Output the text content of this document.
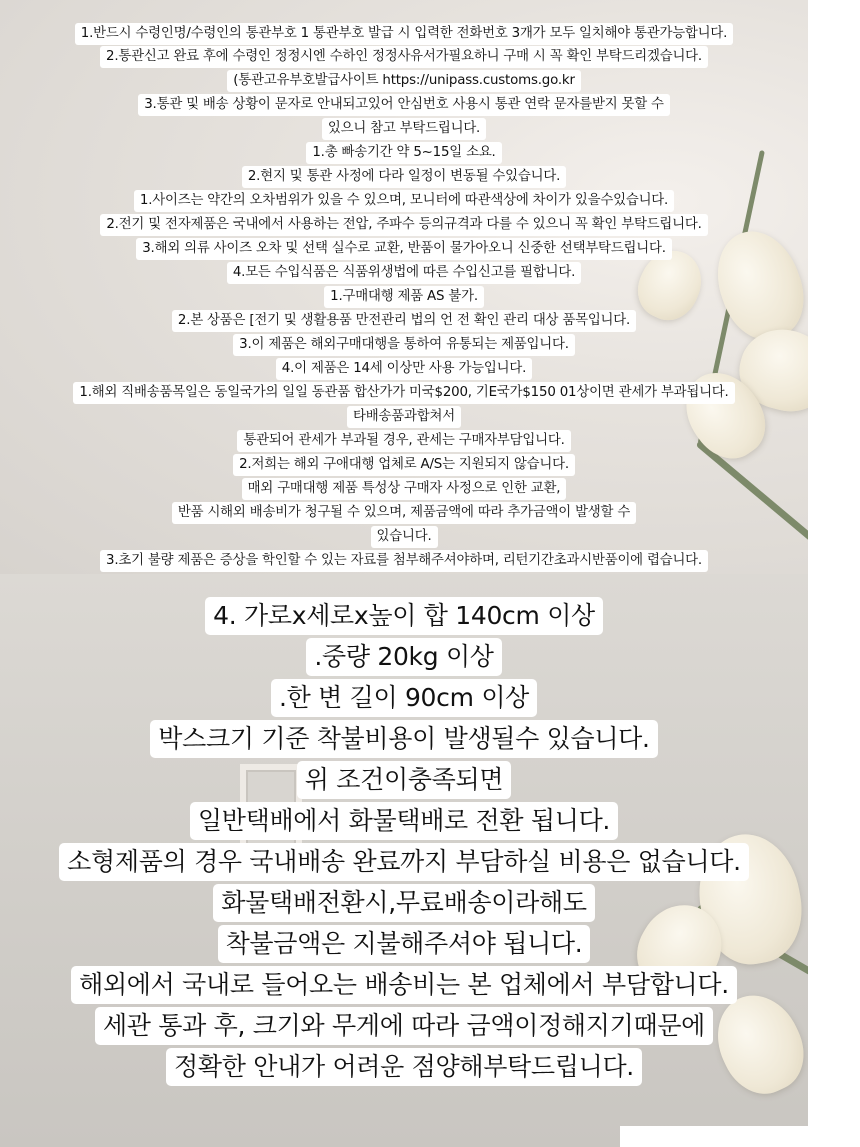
1.반드시 수령인명/수령인의 통관부호 1 통관부호 발급 시 입력한 전화번호 3개가 모두 일치해야 통관가능합니다.
2.통관신고 완료 후에 수령인 정정시엔 수하인 정정사유서가필요하니 구매 시 꼭 확인 부탁드리겠습니다.
(통관고유부호발급사이트 https://unipass.customs.go.kr
3.통관 및 배송 상황이 문자로 안내되고있어 안심번호 사용시 통관 연락 문자를받지 못할 수
있으니 참고 부탁드립니다.
1.총 빠송기간 약 5~15일 소요.
2.현지 및 통관 사정에 다라 일정이 변동될 수있습니다.
1.사이즈는 약간의 오차범위가 있을 수 있으며, 모니터에 따관색상에 차이가 있을수있습니다.
2.전기 및 전자제품은 국내에서 사용하는 전압, 주파수 등의규격과 다를 수 있으니 꼭 확인 부탁드립니다.
3.해외 의류 사이즈 오차 및 선택 실수로 교환, 반품이 물가아오니 신중한 선택부탁드립니다.
4.모든 수입식품은 식품위생법에 따른 수입신고를 필합니다.
1.구매대행 제품 AS 불가.
2.본 상품은 [전기 및 생활용품 만전관리 법의 언 전 확인 관리 대상 품목입니다.
3.이 제품은 해외구매대행을 통하여 유통되는 제품입니다.
4.이 제품은 14세 이상만 사용 가능입니다.
1.해외 직배송품목일은 동일국가의 일일 동관품 합산가가 미국$200, 기E국가$150 01상이면 관세가 부과됩니다.
타배송품과합쳐서
통관되어 관세가 부과될 경우, 관세는 구매자부담입니다.
2.저희는 해외 구애대행 업체로 A/S는 지원되지 않습니다.
매외 구매대행 제품 특성상 구매자 사정으로 인한 교환,
반품 시해외 배송비가 청구될 수 있으며, 제품금액에 따라 추가금액이 발생할 수
있습니다.
3.초기 불량 제품은 증상을 학인할 수 있는 자료를 첨부해주셔야하며, 리턴기간초과시반품이에 렵습니다.
4. 가로x세로x높이 합 140cm 이상
.중량 20kg 이상
.한 변 길이 90cm 이상
박스크기 기준 착불비용이 발생될수 있습니다.
위 조건이충족되면
일반택배에서 화물택배로 전환 됩니다.
소형제품의 경우 국내배송 완료까지 부담하실 비용은 없습니다.
화물택배전환시,무료배송이라해도
착불금액은 지불해주셔야 됩니다.
해외에서 국내로 들어오는 배송비는 본 업체에서 부담합니다.
세관 통과 후, 크기와 무게에 따라 금액이정해지기때문에
정확한 안내가 어려운 점양해부탁드립니다.
